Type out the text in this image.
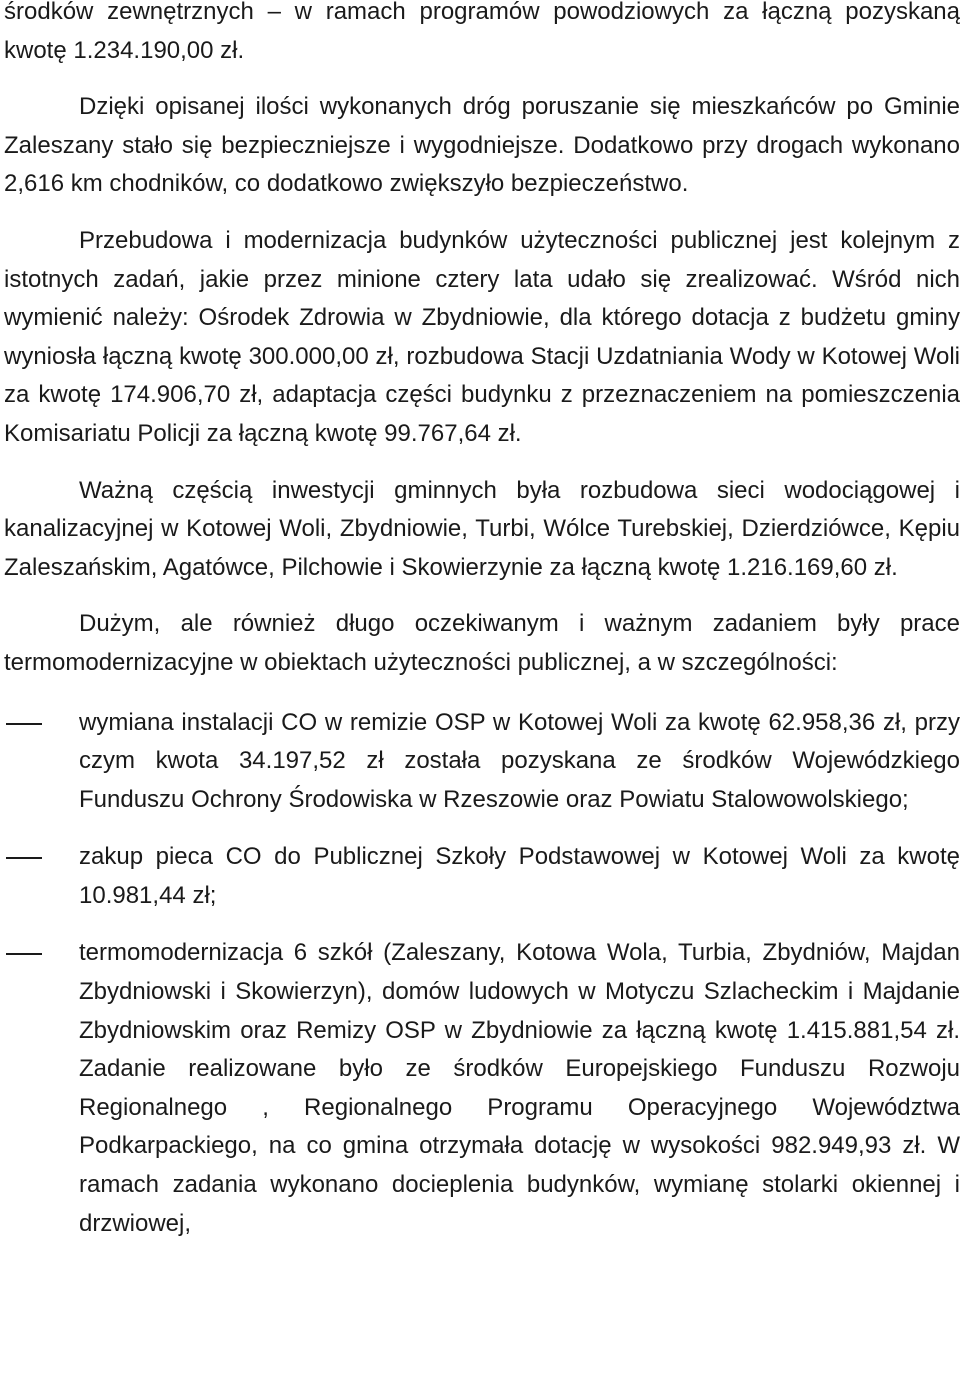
środków zewnętrznych – w ramach programów powodziowych za łączną pozyskaną kwotę 1.234.190,00 zł.

Dzięki opisanej ilości wykonanych dróg poruszanie się mieszkańców po Gminie Zaleszany stało się bezpieczniejsze i wygodniejsze. Dodatkowo przy drogach wykonano 2,616 km chodników, co dodatkowo zwiększyło bezpieczeństwo.

Przebudowa i modernizacja budynków użyteczności publicznej jest kolejnym z istotnych zadań, jakie przez minione cztery lata udało się zrealizować. Wśród nich wymienić należy: Ośrodek Zdrowia w Zbydniowie, dla którego dotacja z budżetu gminy wyniosła łączną kwotę 300.000,00 zł, rozbudowa Stacji Uzdatniania Wody w Kotowej Woli za kwotę 174.906,70 zł, adaptacja części budynku z przeznaczeniem na pomieszczenia Komisariatu Policji za łączną kwotę 99.767,64 zł.

Ważną częścią inwestycji gminnych była rozbudowa sieci wodociągowej i kanalizacyjnej w Kotowej Woli, Zbydniowie, Turbi, Wólce Turebskiej, Dzierdziówce, Kępiu Zaleszańskim, Agatówce, Pilchowie i Skowierzynie za łączną kwotę 1.216.169,60 zł.

Dużym, ale również długo oczekiwanym i ważnym zadaniem były prace termomodernizacyjne w obiektach użyteczności publicznej, a w szczególności:

wymiana instalacji CO w remizie OSP w Kotowej Woli za kwotę 62.958,36 zł, przy czym kwota 34.197,52 zł została pozyskana ze środków Wojewódzkiego Funduszu Ochrony Środowiska w Rzeszowie oraz Powiatu Stalowowolskiego;
zakup pieca CO do Publicznej Szkoły Podstawowej w Kotowej Woli za kwotę 10.981,44 zł;
termomodernizacja 6 szkół (Zaleszany, Kotowa Wola, Turbia, Zbydniów, Majdan Zbydniowski i Skowierzyn), domów ludowych w Motyczu Szlacheckim i Majdanie Zbydniowskim oraz Remizy OSP w Zbydniowie za łączną kwotę 1.415.881,54 zł. Zadanie realizowane było ze środków Europejskiego Funduszu Rozwoju Regionalnego , Regionalnego Programu Operacyjnego Województwa Podkarpackiego, na co gmina otrzymała dotację w wysokości 982.949,93 zł. W ramach zadania wykonano docieplenia budynków, wymianę stolarki okiennej i drzwiowej,
